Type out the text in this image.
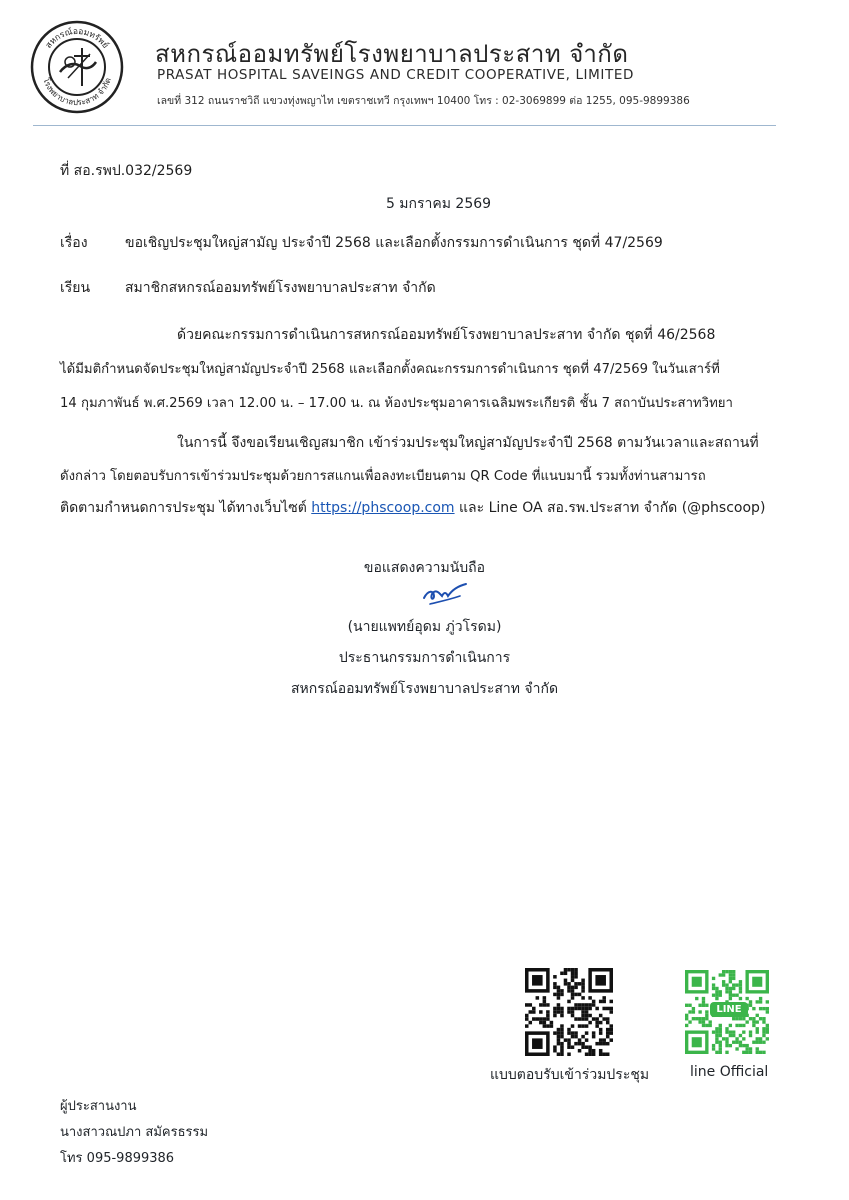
สหกรณ์ออมทรัพย์
โรงพยาบาลประสาท จำกัด
สหกรณ์ออมทรัพย์โรงพยาบาลประสาท จำกัด
PRASAT HOSPITAL SAVEINGS AND CREDIT COOPERATIVE, LIMITED
เลขที่ 312 ถนนราชวิถี แขวงทุ่งพญาไท เขตราชเทวี กรุงเทพฯ 10400 โทร : 02-3069899 ต่อ 1255, 095-9899386
ที่ สอ.รพป.032/2569
5 มกราคม 2569
เรื่อง	ขอเชิญประชุมใหญ่สามัญ ประจำปี 2568 และเลือกตั้งกรรมการดำเนินการ ชุดที่ 47/2569
เรียน สมาชิกสหกรณ์ออมทรัพย์โรงพยาบาลประสาท จำกัด
ด้วยคณะกรรมการดำเนินการสหกรณ์ออมทรัพย์โรงพยาบาลประสาท จำกัด ชุดที่ 46/2568
ได้มีมติกำหนดจัดประชุมใหญ่สามัญประจำปี 2568 และเลือกตั้งคณะกรรมการดำเนินการ ชุดที่ 47/2569 ในวันเสาร์ที่
14 กุมภาพันธ์ พ.ศ.2569 เวลา 12.00 น. – 17.00 น. ณ ห้องประชุมอาคารเฉลิมพระเกียรติ ชั้น 7 สถาบันประสาทวิทยา
ในการนี้ จึงขอเรียนเชิญสมาชิก เข้าร่วมประชุมใหญ่สามัญประจำปี 2568 ตามวันเวลาและสถานที่
ดังกล่าว โดยตอบรับการเข้าร่วมประชุมด้วยการสแกนเพื่อลงทะเบียนตาม QR Code ที่แนบมานี้ รวมทั้งท่านสามารถ
ติดตามกำหนดการประชุม ได้ทางเว็บไซต์ https://phscoop.com และ Line OA สอ.รพ.ประสาท จำกัด (@phscoop)
ขอแสดงความนับถือ
(นายแพทย์อุดม ภู่วโรดม)
ประธานกรรมการดำเนินการ
สหกรณ์ออมทรัพย์โรงพยาบาลประสาท จำกัด
แบบตอบรับเข้าร่วมประชุม	line Official
LINE
ผู้ประสานงาน
นางสาวณปภา สมัครธรรม
โทร 095-9899386
